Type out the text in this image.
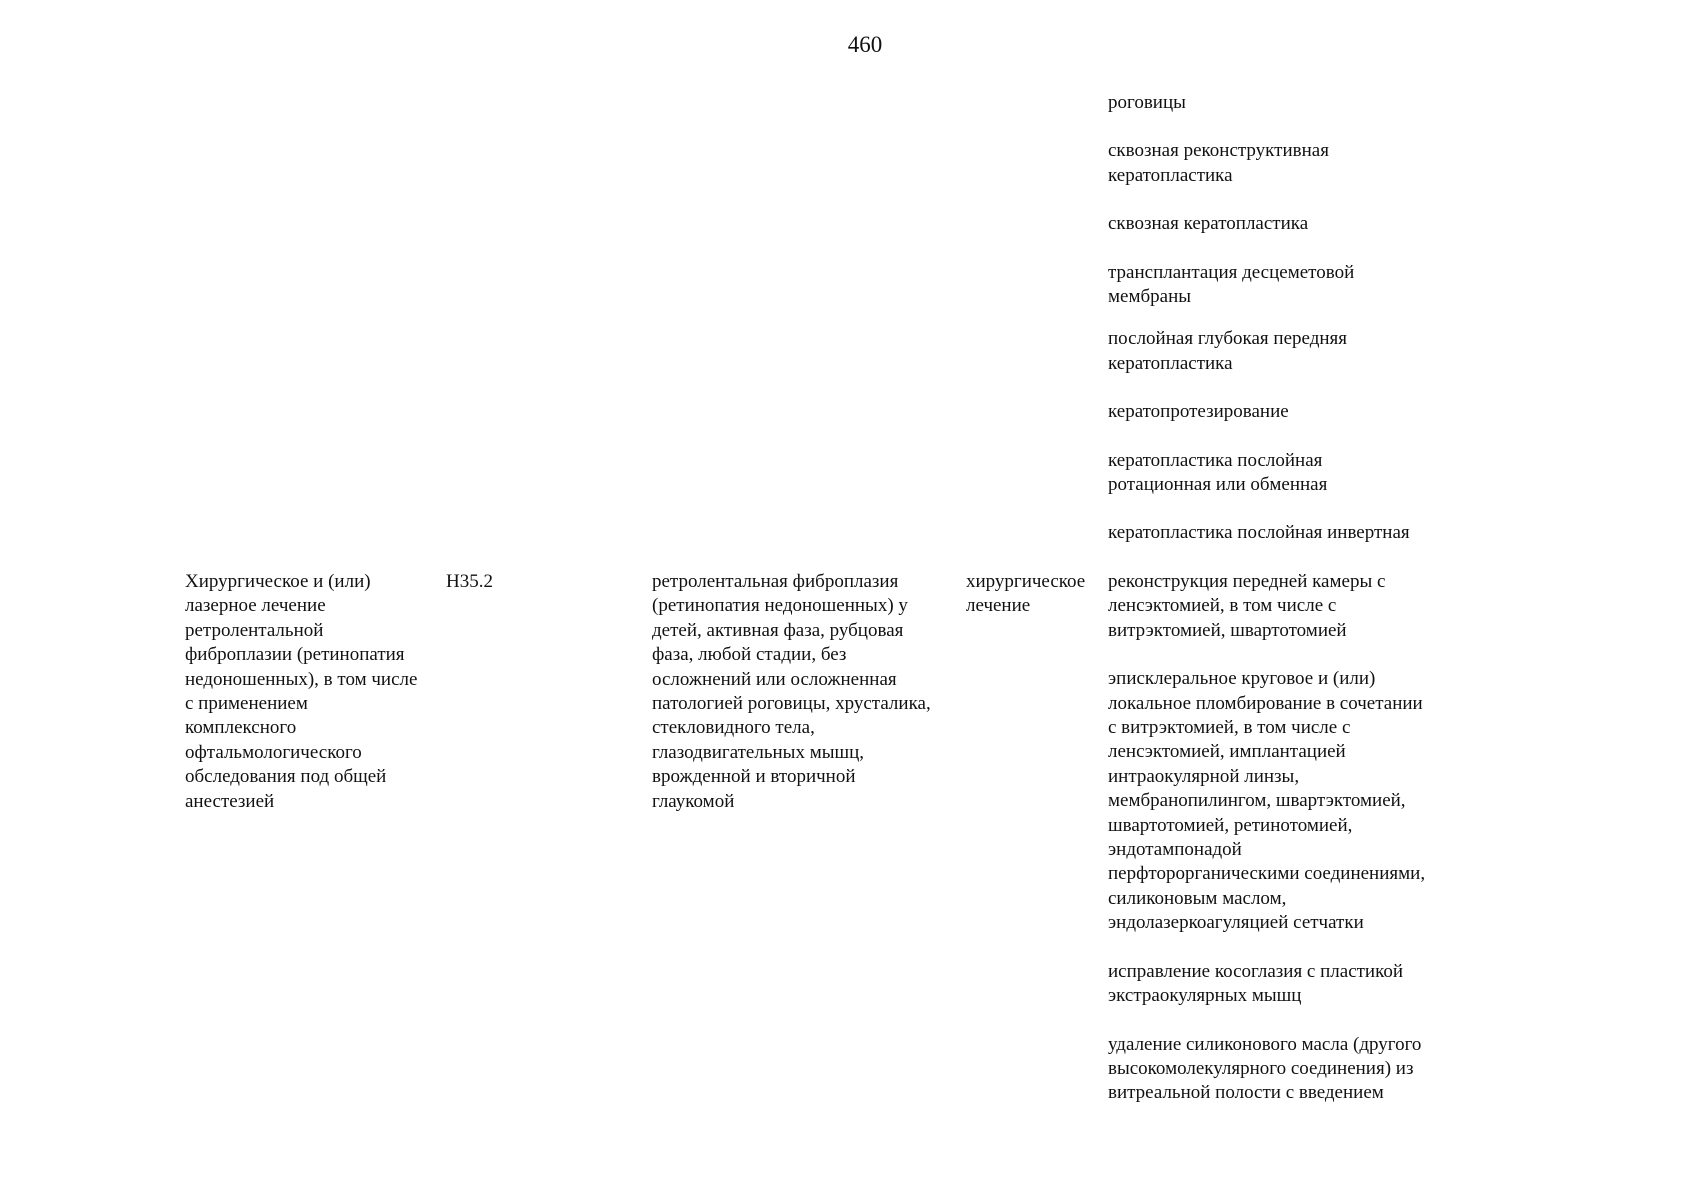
460
роговицы
сквозная реконструктивная
кератопластика
сквозная кератопластика
трансплантация десцеметовой
мембраны
послойная глубокая передняя
кератопластика
кератопротезирование
кератопластика послойная
ротационная или обменная
кератопластика послойная инвертная
Хирургическое и (или)
лазерное лечение
ретролентальной
фиброплазии (ретинопатия
недоношенных), в том числе
с применением
комплексного
офтальмологического
обследования под общей
анестезией
H35.2	ретролентальная фиброплазия
(ретинопатия недоношенных) у
детей, активная фаза, рубцовая
фаза, любой стадии, без
осложнений или осложненная
патологией роговицы, хрусталика,
стекловидного тела,
глазодвигательных мышц,
врожденной и вторичной
глаукомой
хирургическое
лечение
реконструкция передней камеры с
ленсэктомией, в том числе с
витрэктомией, швартотомией
эписклеральное круговое и (или)
локальное пломбирование в сочетании
с витрэктомией, в том числе с
ленсэктомией, имплантацией
интраокулярной линзы,
мембранопилингом, швартэктомией,
швартотомией, ретинотомией,
эндотампонадой
перфторорганическими соединениями,
силиконовым маслом,
эндолазеркоагуляцией сетчатки
исправление косоглазия с пластикой
экстраокулярных мышц
удаление силиконового масла (другого
высокомолекулярного соединения) из
витреальной полости с введением
